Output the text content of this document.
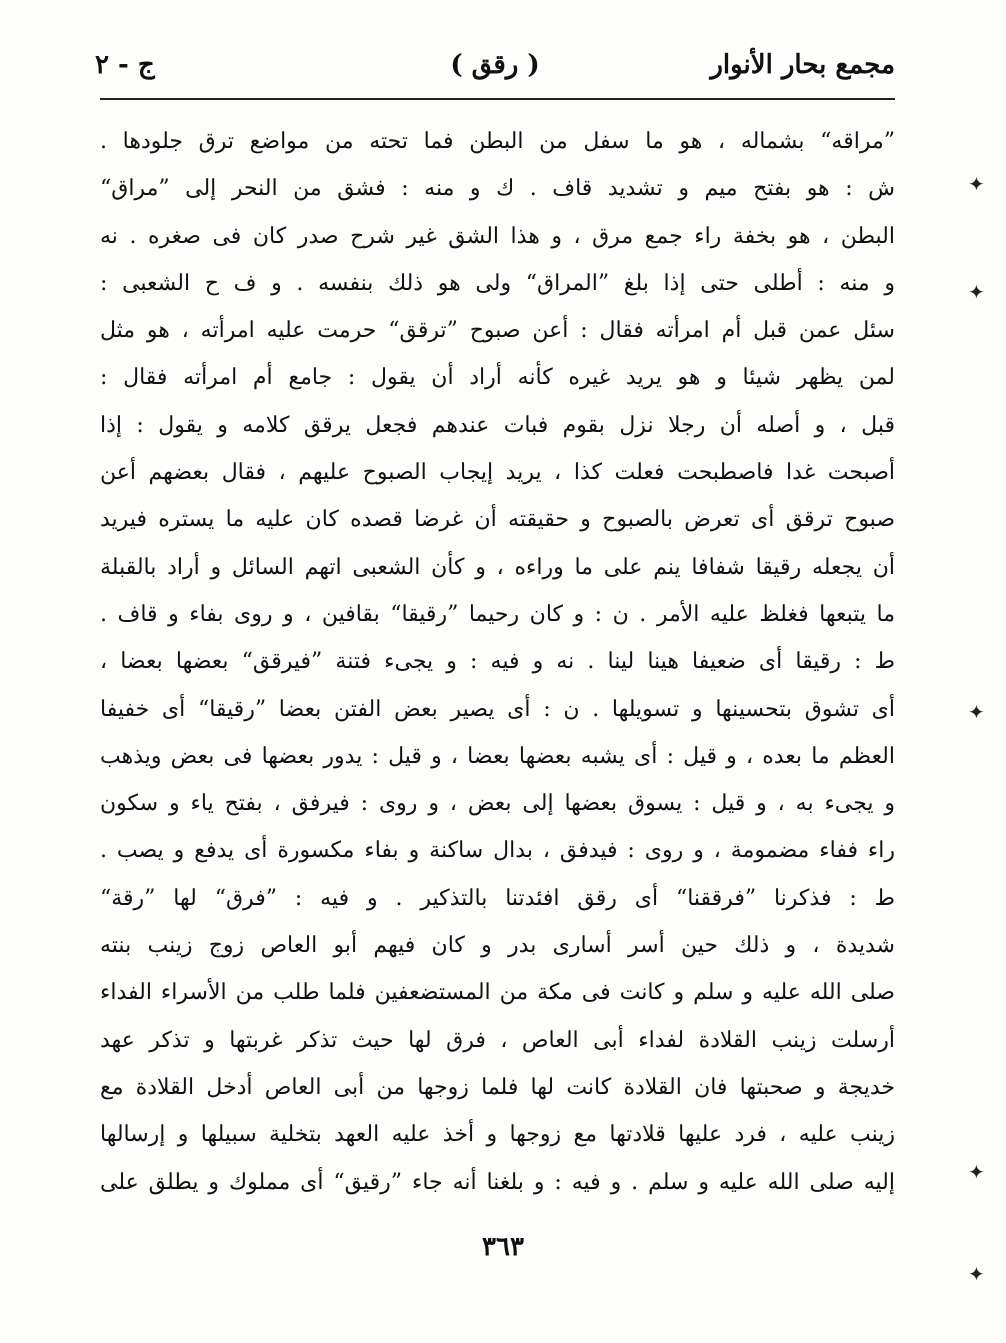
مجمع بحار الأنوار
( رقق )
ج - ٢
”مراقه“ بشماله ، هو ما سفل من البطن فما تحته من مواضع ترق جلودها .
ش : هو بفتح ميم و تشديد قاف . ك و منه : فشق من النحر إلى ”مراق“
البطن ، هو بخفة راء جمع مرق ، و هذا الشق غير شرح صدر كان فى صغره . نه
و منه : أطلى حتى إذا بلغ ”المراق“ ولى هو ذلك بنفسه . و ف ح الشعبى :
سئل عمن قبل أم امرأته فقال : أعن صبوح ”ترقق“ حرمت عليه امرأته ، هو مثل
لمن يظهر شيئا و هو يريد غيره كأنه أراد أن يقول : جامع أم امرأته فقال :
قبل ، و أصله أن رجلا نزل بقوم فبات عندهم فجعل يرقق كلامه و يقول : إذا
أصبحت غدا فاصطبحت فعلت كذا ، يريد إيجاب الصبوح عليهم ، فقال بعضهم أعن
صبوح ترقق أى تعرض بالصبوح و حقيقته أن غرضا قصده كان عليه ما يستره فيريد
أن يجعله رقيقا شفافا ينم على ما وراءه ، و كأن الشعبى اتهم السائل و أراد بالقبلة
ما يتبعها فغلظ عليه الأمر . ن : و كان رحيما ”رقيقا“ بقافين ، و روى بفاء و قاف .
ط : رقيقا أى ضعيفا هينا لينا . نه و فيه : و يجىء فتنة ”فيرقق“ بعضها بعضا ،
أى تشوق بتحسينها و تسويلها . ن : أى يصير بعض الفتن بعضا ”رقيقا“ أى خفيفا
العظم ما بعده ، و قيل : أى يشبه بعضها بعضا ، و قيل : يدور بعضها فى بعض ويذهب
و يجىء به ، و قيل : يسوق بعضها إلى بعض ، و روى : فيرفق ، بفتح ياء و سكون
راء ففاء مضمومة ، و روى : فيدفق ، بدال ساكنة و بفاء مكسورة أى يدفع و يصب .
ط : فذكرنا ”فرققنا“ أى رقق افئدتنا بالتذكير . و فيه : ”فرق“ لها ”رقة“
شديدة ، و ذلك حين أسر أسارى بدر و كان فيهم أبو العاص زوج زينب بنته
صلى الله عليه و سلم و كانت فى مكة من المستضعفين فلما طلب من الأسراء الفداء
أرسلت زينب القلادة لفداء أبى العاص ، فرق لها حيث تذكر غربتها و تذكر عهد
خديجة و صحبتها فان القلادة كانت لها فلما زوجها من أبى العاص أدخل القلادة مع
زينب عليه ، فرد عليها قلادتها مع زوجها و أخذ عليه العهد بتخلية سبيلها و إرسالها
إليه صلى الله عليه و سلم . و فيه : و بلغنا أنه جاء ”رقيق“ أى مملوك و يطلق على
٣٦٣
✦
✦
✦
✦
✦
